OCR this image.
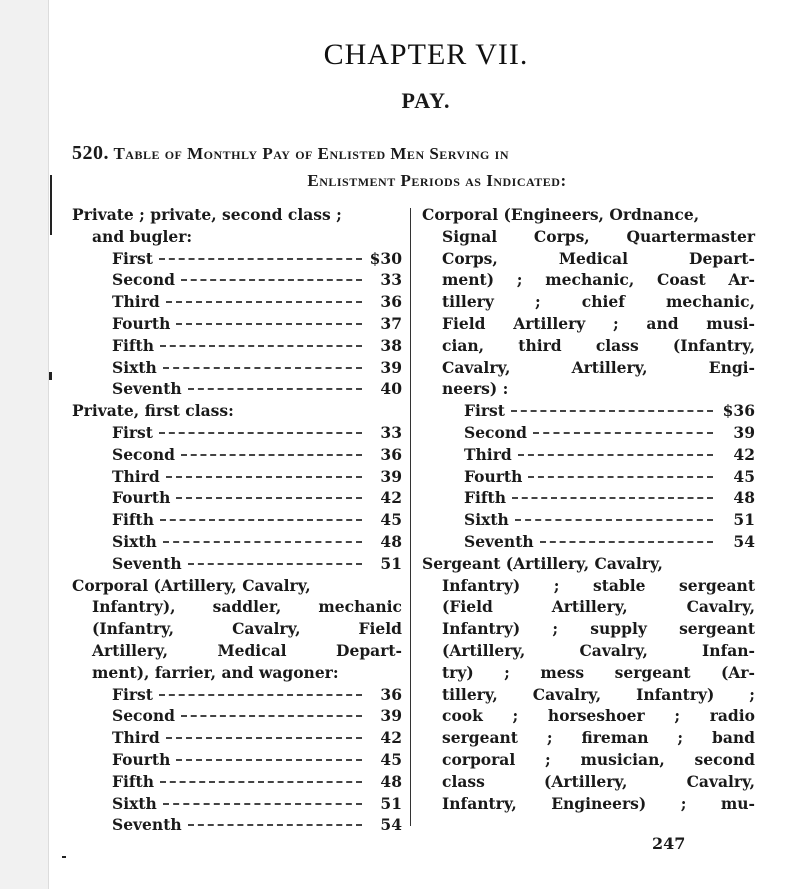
CHAPTER VII.
PAY.
520. Table of Monthly Pay of Enlisted Men Serving in
Enlistment Periods as Indicated:
Private ; private, second class ;
and bugler:
First	$30
Second	33
Third	36
Fourth	37
Fifth	38
Sixth	39
Seventh	40
Private, first class:
First	33
Second	36
Third	39
Fourth	42
Fifth	45
Sixth	48
Seventh	51
Corporal (Artillery, Cavalry,
Infantry), saddler, mechanic
(Infantry, Cavalry, Field
Artillery, Medical Depart-
ment), farrier, and wagoner:
First	36
Second	39
Third	42
Fourth	45
Fifth	48
Sixth	51
Seventh	54
Corporal (Engineers, Ordnance,
Signal Corps, Quartermaster
Corps, Medical Depart-
ment) ; mechanic, Coast Ar-
tillery ; chief mechanic,
Field Artillery ; and musi-
cian, third class (Infantry,
Cavalry, Artillery, Engi-
neers) :
First	$36
Second	39
Third	42
Fourth	45
Fifth	48
Sixth	51
Seventh	54
Sergeant (Artillery, Cavalry,
Infantry) ; stable sergeant
(Field Artillery, Cavalry,
Infantry) ; supply sergeant
(Artillery, Cavalry, Infan-
try) ; mess sergeant (Ar-
tillery, Cavalry, Infantry) ;
cook ; horseshoer ; radio
sergeant ; fireman ; band
corporal ; musician, second
class (Artillery, Cavalry,
Infantry, Engineers) ; mu-
247
